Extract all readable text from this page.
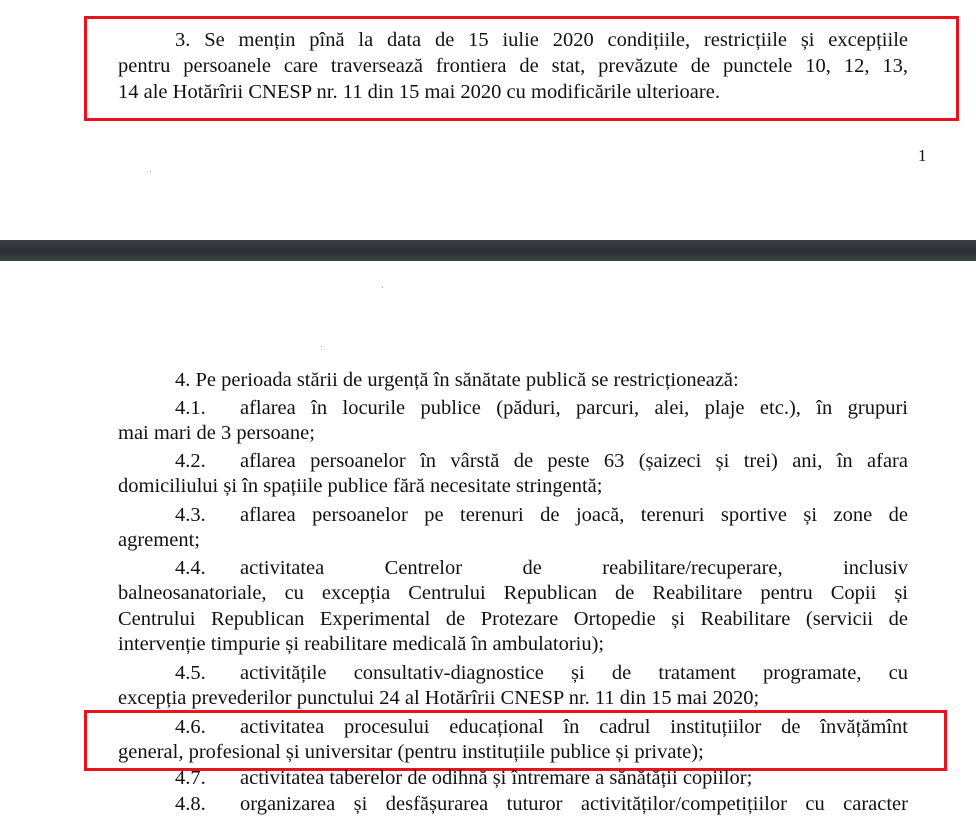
3. Se mențin pînă la data de 15 iulie 2020 condițiile, restricțiile și excepțiile
pentru persoanele care traversează frontiera de stat, prevăzute de punctele 10, 12, 13,
14 ale Hotărîrii CNESP nr. 11 din 15 mai 2020 cu modificările ulterioare.
1
4. Pe perioada stării de urgență în sănătate publică se restricționează:
4.1. aflarea în locurile publice (păduri, parcuri, alei, plaje etc.), în grupuri
mai mari de 3 persoane;
4.2. aflarea persoanelor în vârstă de peste 63 (șaizeci și trei) ani, în afara
domiciliului și în spațiile publice fără necesitate stringentă;
4.3. aflarea persoanelor pe terenuri de joacă, terenuri sportive și zone de
agrement;
4.4. activitatea Centrelor de reabilitare/recuperare, inclusiv
balneosanatoriale, cu excepția Centrului Republican de Reabilitare pentru Copii și
Centrului Republican Experimental de Protezare Ortopedie și Reabilitare (servicii de
intervenție timpurie și reabilitare medicală în ambulatoriu);
4.5. activitățile consultativ-diagnostice și de tratament programate, cu
excepția prevederilor punctului 24 al Hotărîrii CNESP nr. 11 din 15 mai 2020;
4.6. activitatea procesului educațional în cadrul instituțiilor de învățămînt
general, profesional și universitar (pentru instituțiile publice și private);
4.7. activitatea taberelor de odihnă și întremare a sănătății copiilor;
4.8. organizarea și desfășurarea tuturor activităților/competițiilor cu caracter
